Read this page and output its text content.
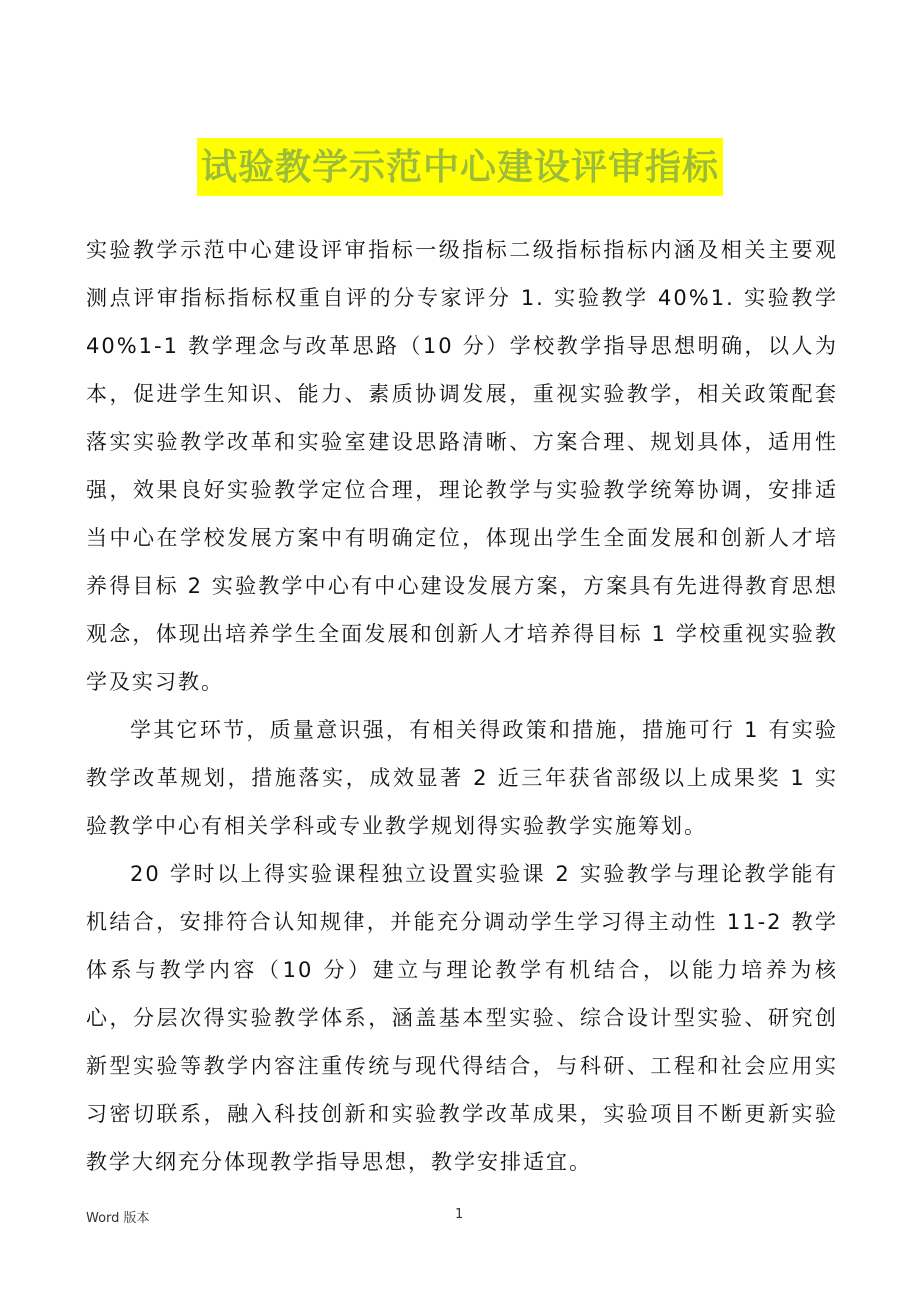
试验教学示范中心建设评审指标

实验教学示范中心建设评审指标一级指标二级指标指标内涵及相关主要观测点评审指标指标权重自评的分专家评分 1. 实验教学 40%1. 实验教学 40%1-1 教学理念与改革思路（10 分）学校教学指导思想明确，以人为本，促进学生知识、能力、素质协调发展，重视实验教学，相关政策配套落实实验教学改革和实验室建设思路清晰、方案合理、规划具体，适用性强，效果良好实验教学定位合理，理论教学与实验教学统筹协调，安排适当中心在学校发展方案中有明确定位，体现出学生全面发展和创新人才培养得目标 2 实验教学中心有中心建设发展方案，方案具有先进得教育思想观念，体现出培养学生全面发展和创新人才培养得目标 1 学校重视实验教学及实习教。

学其它环节，质量意识强，有相关得政策和措施，措施可行 1 有实验教学改革规划，措施落实，成效显著 2 近三年获省部级以上成果奖 1 实验教学中心有相关学科或专业教学规划得实验教学实施筹划。

20 学时以上得实验课程独立设置实验课 2 实验教学与理论教学能有机结合，安排符合认知规律，并能充分调动学生学习得主动性 11-2 教学体系与教学内容（10 分）建立与理论教学有机结合，以能力培养为核心，分层次得实验教学体系，涵盖基本型实验、综合设计型实验、研究创新型实验等教学内容注重传统与现代得结合，与科研、工程和社会应用实习密切联系，融入科技创新和实验教学改革成果，实验项目不断更新实验教学大纲充分体现教学指导思想，教学安排适宜。

Word 版本	1
